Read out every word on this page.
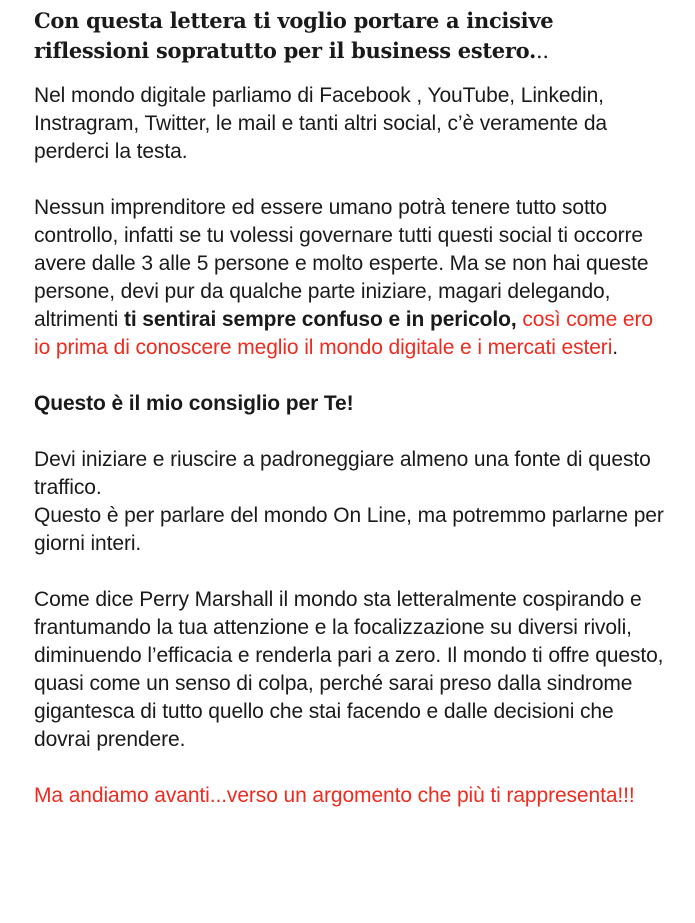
Con questa lettera ti voglio portare a incisive
riflessioni sopratutto per il business estero...

Nel mondo digitale parliamo di Facebook , YouTube, Linkedin, Instragram, Twitter, le mail e tanti altri social, c’è veramente da perderci la testa.

Nessun imprenditore ed essere umano potrà tenere tutto sotto controllo, infatti se tu volessi governare tutti questi social ti occorre avere dalle 3 alle 5 persone e molto esperte. Ma se non hai queste persone, devi pur da qualche parte iniziare, magari delegando, altrimenti ti sentirai sempre confuso e in pericolo, così come ero io prima di conoscere meglio il mondo digitale e i mercati esteri.

Questo è il mio consiglio per Te!

Devi iniziare e riuscire a padroneggiare almeno una fonte di questo traffico.
Questo è per parlare del mondo On Line, ma potremmo parlarne per giorni interi.

Come dice Perry Marshall il mondo sta letteralmente cospirando e frantumando la tua attenzione e la focalizzazione su diversi rivoli, diminuendo l’efficacia e renderla pari a zero. Il mondo ti offre questo, quasi come un senso di colpa, perché sarai preso dalla sindrome gigantesca di tutto quello che stai facendo e dalle decisioni che dovrai prendere.

Ma andiamo avanti...verso un argomento che più ti rappresenta!!!
